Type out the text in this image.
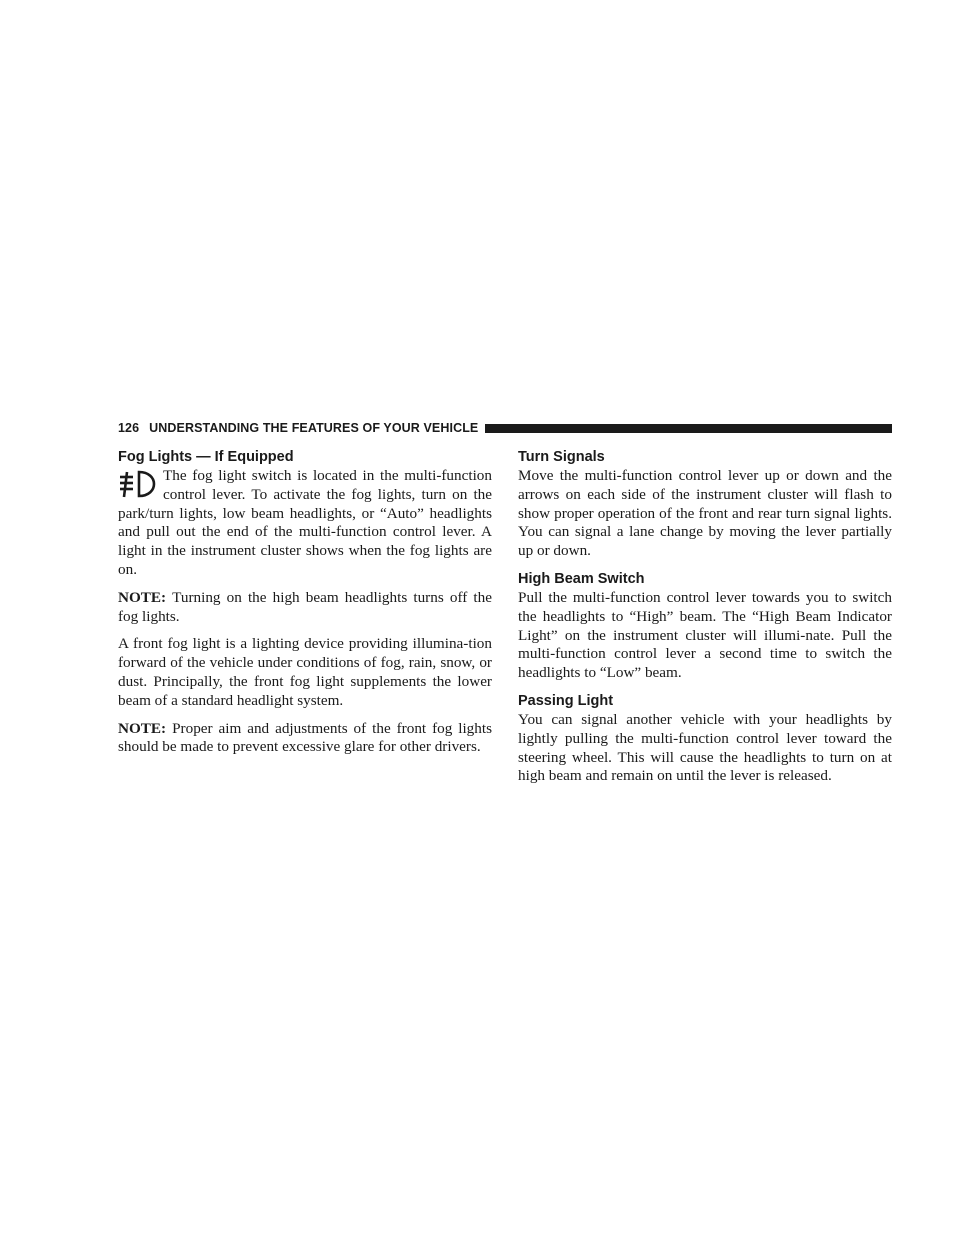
126 UNDERSTANDING THE FEATURES OF YOUR VEHICLE
Fog Lights — If Equipped

The fog light switch is located in the multi-function control lever. To activate the fog lights, turn on the park/turn lights, low beam headlights, or “Auto” headlights and pull out the end of the multi-function control lever. A light in the instrument cluster shows when the fog lights are on.

NOTE: Turning on the high beam headlights turns off the fog lights.

A front fog light is a lighting device providing illumina-tion forward of the vehicle under conditions of fog, rain, snow, or dust. Principally, the front fog light supplements the lower beam of a standard headlight system.

NOTE: Proper aim and adjustments of the front fog lights should be made to prevent excessive glare for other drivers.

Turn Signals

Move the multi-function control lever up or down and the arrows on each side of the instrument cluster will flash to show proper operation of the front and rear turn signal lights. You can signal a lane change by moving the lever partially up or down.

High Beam Switch

Pull the multi-function control lever towards you to switch the headlights to “High” beam. The “High Beam Indicator Light” on the instrument cluster will illumi-nate. Pull the multi-function control lever a second time to switch the headlights to “Low” beam.

Passing Light

You can signal another vehicle with your headlights by lightly pulling the multi-function control lever toward the steering wheel. This will cause the headlights to turn on at high beam and remain on until the lever is released.
